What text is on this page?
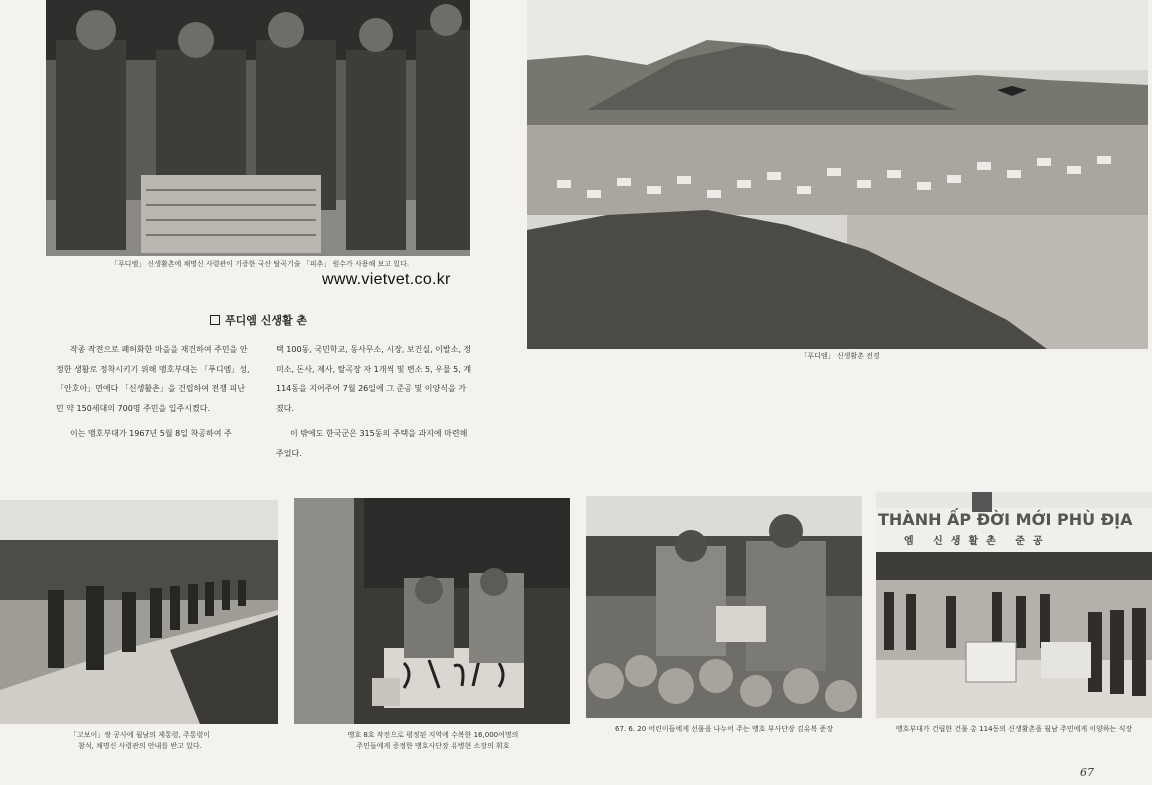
「푸디엠」 신생활촌에 채명신 사령관이 기증한 국산 탈곡기술 「피추」 원수가 사용해 보고 있다.
www.vietvet.co.kr
「푸디엠」 신생활촌 전경
푸디엠 신생활 촌

작종 작전으로 폐허화한 마을을 재건하여 주민을 안정한 생활로 정착시키기 위해 맹호부대는 「푸디엠」성, 「안호아」면에다 「신생활촌」을 건립하여 전쟁 피난민 약 150세대의 700명 주민을 입주시켰다.

이는 맹호부대가 1967년 5월 8일 착공하여 주

택 100동, 국민학교, 동사무소, 시장, 보건실, 이발소, 정미소, 돈사, 제사, 탈곡장 자 1개씩 및 변소 5, 우물 5, 계 114동을 지어주어 7월 26일에 그 준공 및 이양식을 가졌다.

이 밖에도 한국군은 315동의 주택을 과지에 마련해 주었다.

「고보이」쌍 공사에 월남의 제통령, 주통령이
참석, 채명신 사령관의 안내를 받고 있다.
맹호 8호 작전으로 평정된 지역에 수복한 16,000여명의
주민들에게 증정한 맹호사단장 유병현 소장의 휘호
67. 6. 20 어린이들에게 선물을 나누어 주는 맹호 부사단장 김유복 준장
THÀNH ẤP ĐỜI MỚI PHÙ ĐỊA
엠 신생활촌 준공
맹호부대가 건립한 건물 총 114동의 신생활촌을 월남 주민에게 이양하는 식장
67
